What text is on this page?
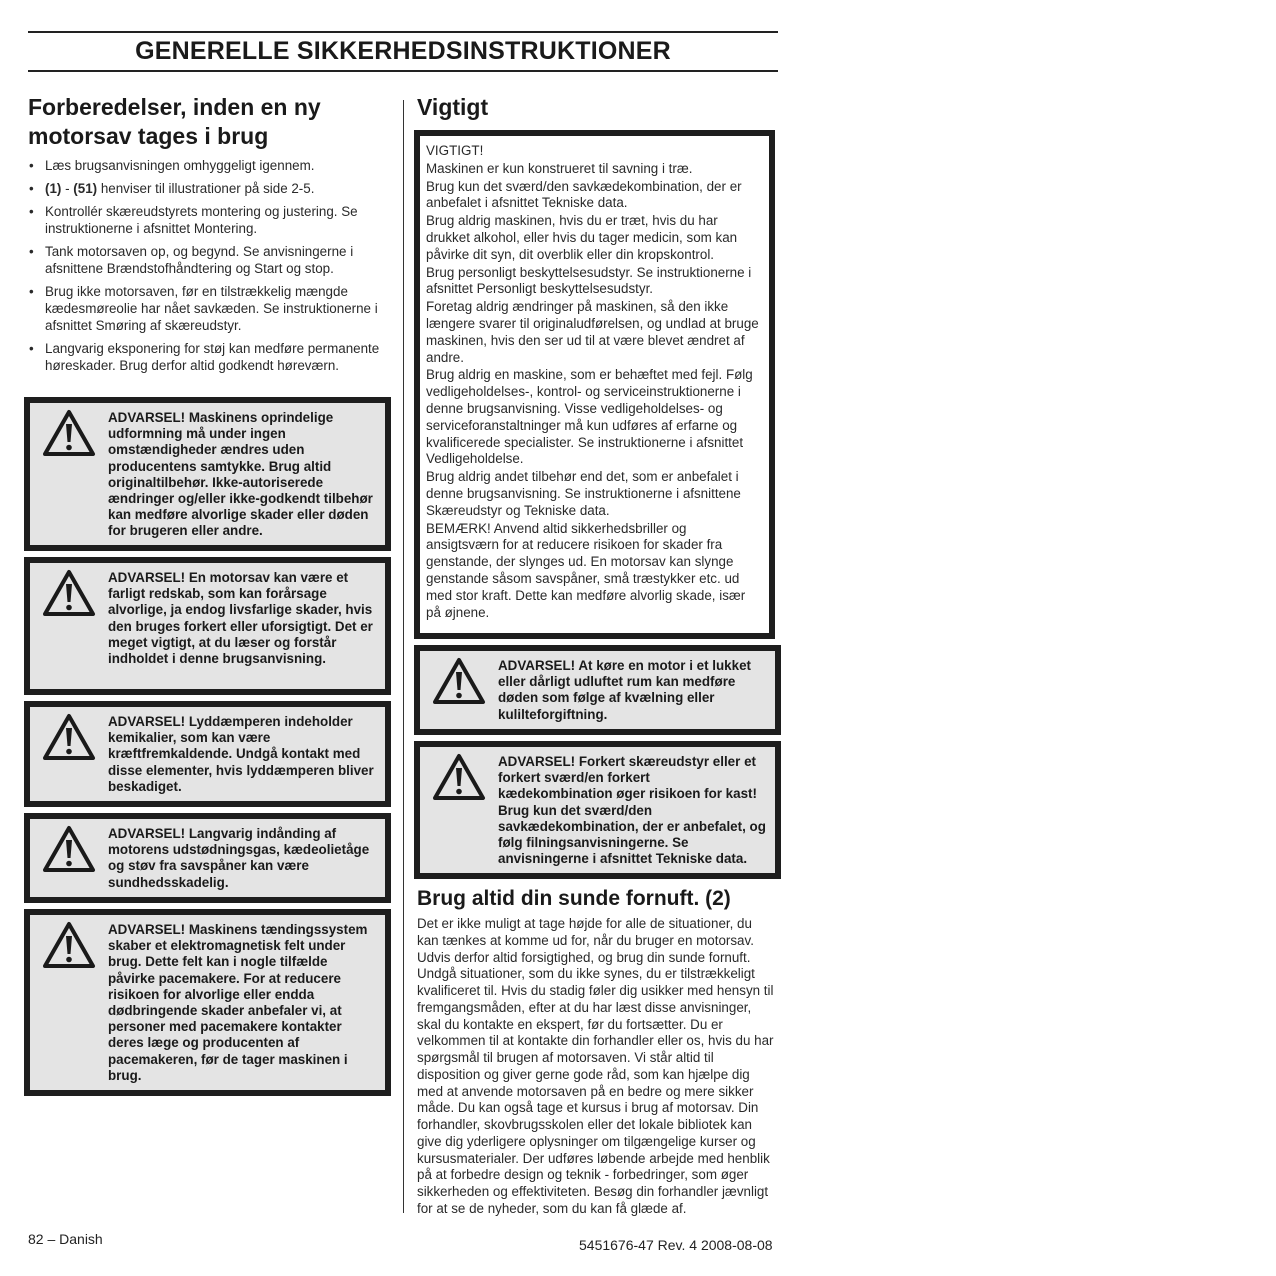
GENERELLE SIKKERHEDSINSTRUKTIONER
Forberedelser, inden en ny motorsav tages i brug
• Læs brugsanvisningen omhyggeligt igennem.
• (1) - (51) henviser til illustrationer på side 2-5.
• Kontrollér skæreudstyrets montering og justering. Se instruktionerne i afsnittet Montering.
• Tank motorsaven op, og begynd. Se anvisningerne i afsnittene Brændstofhåndtering og Start og stop.
• Brug ikke motorsaven, før en tilstrækkelig mængde kædesmøreolie har nået savkæden. Se instruktionerne i afsnittet Smøring af skæreudstyr.
• Langvarig eksponering for støj kan medføre permanente høreskader. Brug derfor altid godkendt høreværn.
ADVARSEL! Maskinens oprindelige udformning må under ingen omstændigheder ændres uden producentens samtykke. Brug altid originaltilbehør. Ikke-autoriserede ændringer og/eller ikke-godkendt tilbehør kan medføre alvorlige skader eller døden for brugeren eller andre.
ADVARSEL! En motorsav kan være et farligt redskab, som kan forårsage alvorlige, ja endog livsfarlige skader, hvis den bruges forkert eller uforsigtigt. Det er meget vigtigt, at du læser og forstår indholdet i denne brugsanvisning.
ADVARSEL! Lyddæmperen indeholder kemikalier, som kan være kræftfremkaldende. Undgå kontakt med disse elementer, hvis lyddæmperen bliver beskadiget.
ADVARSEL! Langvarig indånding af motorens udstødningsgas, kædeolietåge og støv fra savspåner kan være sundhedsskadelig.
ADVARSEL! Maskinens tændingssystem skaber et elektromagnetisk felt under brug. Dette felt kan i nogle tilfælde påvirke pacemakere. For at reducere risikoen for alvorlige eller endda dødbringende skader anbefaler vi, at personer med pacemakere kontakter deres læge og producenten af pacemakeren, før de tager maskinen i brug.
Vigtigt

VIGTIGT!

Maskinen er kun konstrueret til savning i træ.

Brug kun det sværd/den savkædekombination, der er anbefalet i afsnittet Tekniske data.

Brug aldrig maskinen, hvis du er træt, hvis du har drukket alkohol, eller hvis du tager medicin, som kan påvirke dit syn, dit overblik eller din kropskontrol.

Brug personligt beskyttelsesudstyr. Se instruktionerne i afsnittet Personligt beskyttelsesudstyr.

Foretag aldrig ændringer på maskinen, så den ikke længere svarer til originaludførelsen, og undlad at bruge maskinen, hvis den ser ud til at være blevet ændret af andre.

Brug aldrig en maskine, som er behæftet med fejl. Følg vedligeholdelses-, kontrol- og serviceinstruktionerne i denne brugsanvisning. Visse vedligeholdelses- og serviceforanstaltninger må kun udføres af erfarne og kvalificerede specialister. Se instruktionerne i afsnittet Vedligeholdelse.

Brug aldrig andet tilbehør end det, som er anbefalet i denne brugsanvisning. Se instruktionerne i afsnittene Skæreudstyr og Tekniske data.

BEMÆRK! Anvend altid sikkerhedsbriller og ansigtsværn for at reducere risikoen for skader fra genstande, der slynges ud. En motorsav kan slynge genstande såsom savspåner, små træstykker etc. ud med stor kraft. Dette kan medføre alvorlig skade, især på øjnene.

ADVARSEL! At køre en motor i et lukket eller dårligt udluftet rum kan medføre døden som følge af kvælning eller kulilteforgiftning.
ADVARSEL! Forkert skæreudstyr eller et forkert sværd/en forkert kædekombination øger risikoen for kast! Brug kun det sværd/den savkædekombination, der er anbefalet, og følg filningsanvisningerne. Se anvisningerne i afsnittet Tekniske data.
Brug altid din sunde fornuft. (2)

Det er ikke muligt at tage højde for alle de situationer, du kan tænkes at komme ud for, når du bruger en motorsav. Udvis derfor altid forsigtighed, og brug din sunde fornuft. Undgå situationer, som du ikke synes, du er tilstrækkeligt kvalificeret til. Hvis du stadig føler dig usikker med hensyn til fremgangsmåden, efter at du har læst disse anvisninger, skal du kontakte en ekspert, før du fortsætter. Du er velkommen til at kontakte din forhandler eller os, hvis du har spørgsmål til brugen af motorsaven. Vi står altid til disposition og giver gerne gode råd, som kan hjælpe dig med at anvende motorsaven på en bedre og mere sikker måde. Du kan også tage et kursus i brug af motorsav. Din forhandler, skovbrugsskolen eller det lokale bibliotek kan give dig yderligere oplysninger om tilgængelige kurser og kursusmaterialer. Der udføres løbende arbejde med henblik på at forbedre design og teknik - forbedringer, som øger sikkerheden og effektiviteten. Besøg din forhandler jævnligt for at se de nyheder, som du kan få glæde af.

82 – Danish	5451676-47 Rev. 4 2008-08-08
